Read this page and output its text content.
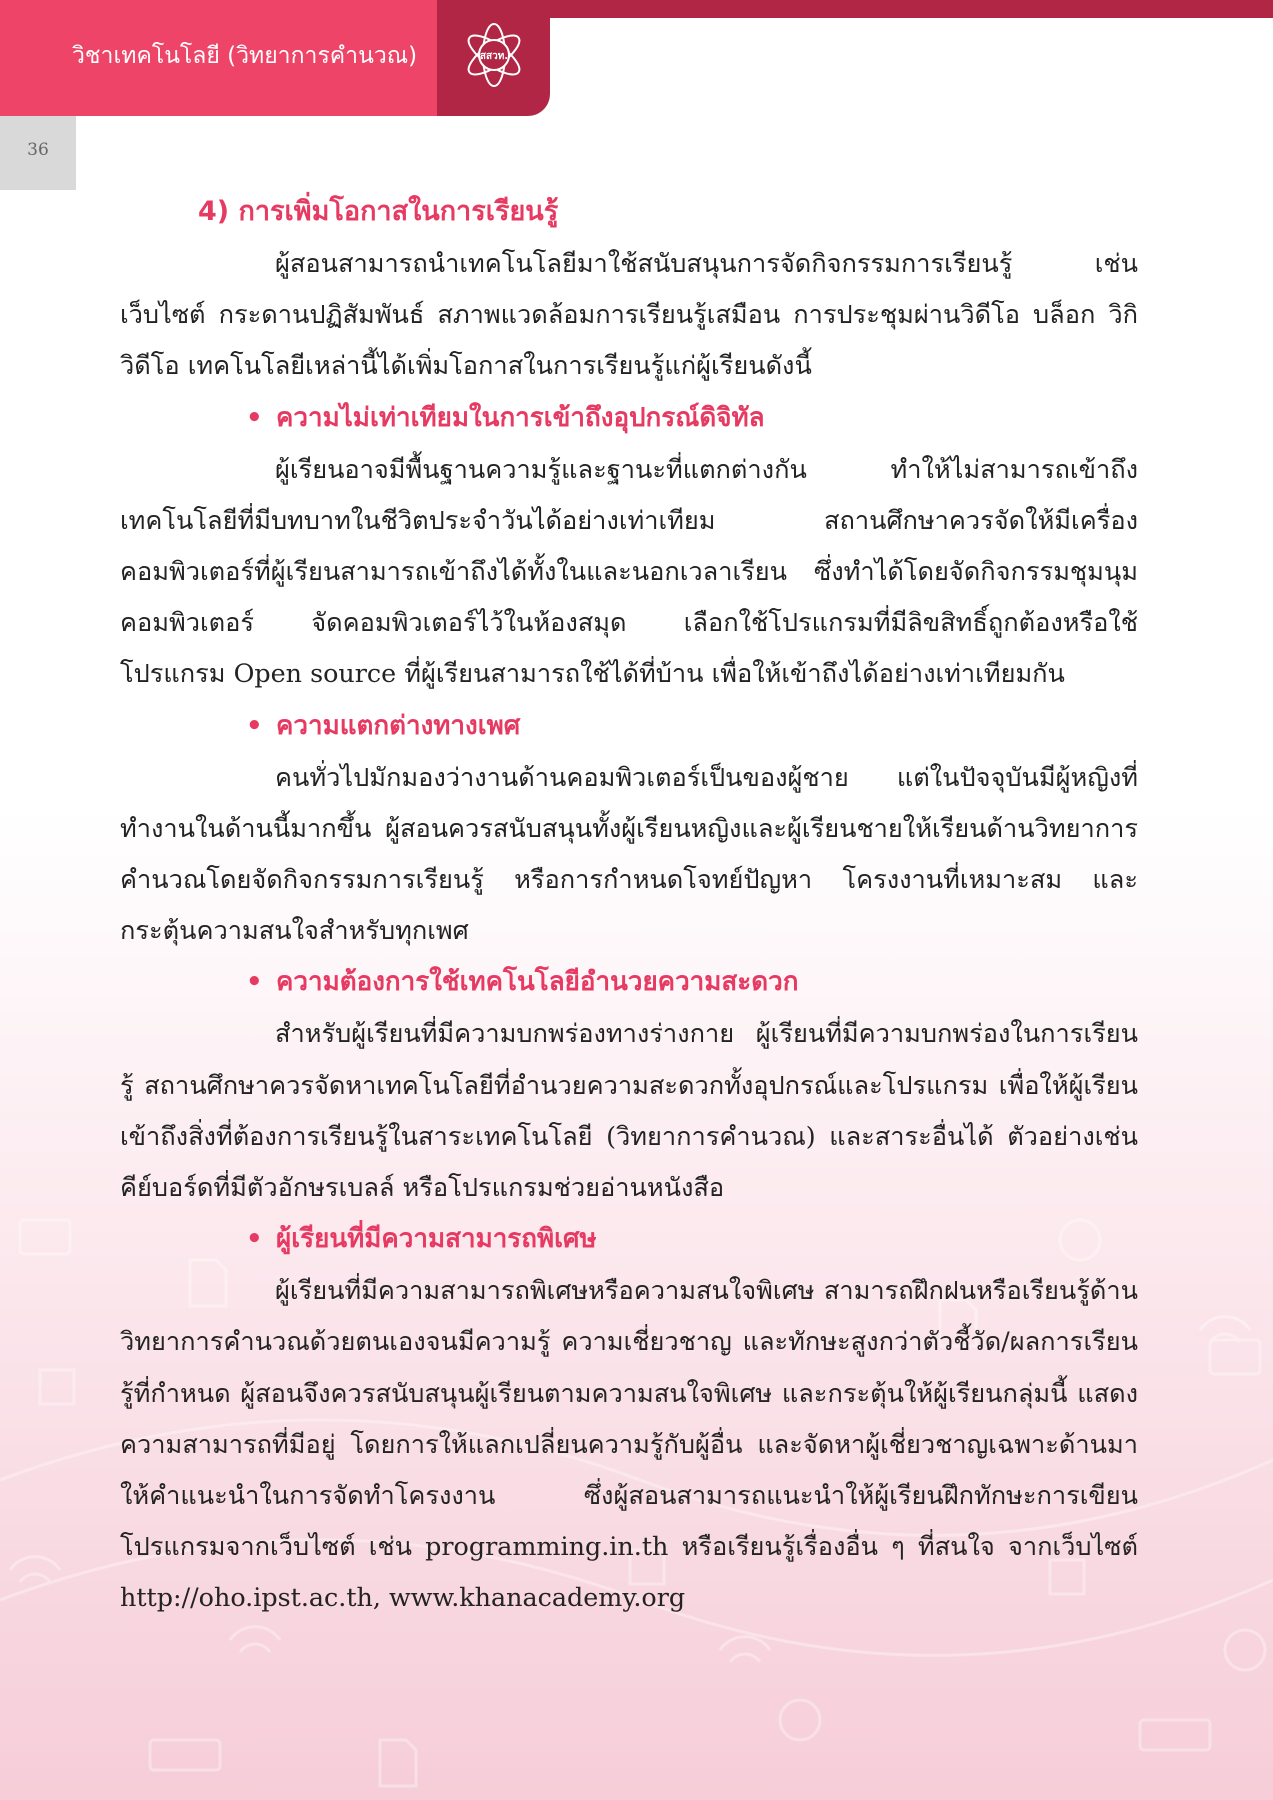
วิชาเทคโนโลยี (วิทยาการคำนวณ)	สสวท.
36
4) การเพิ่มโอกาสในการเรียนรู้

ผู้สอนสามารถนำเทคโนโลยีมาใช้สนับสนุนการจัดกิจกรรมการเรียนรู้ เช่น เว็บไซต์ กระดานปฏิสัมพันธ์ สภาพแวดล้อมการเรียนรู้เสมือน การประชุมผ่านวิดีโอ บล็อก วิกิ วิดีโอ เทคโนโลยีเหล่านี้ได้เพิ่มโอกาสในการเรียนรู้แก่ผู้เรียนดังนี้

• ความไม่เท่าเทียมในการเข้าถึงอุปกรณ์ดิจิทัล

ผู้เรียนอาจมีพื้นฐานความรู้และฐานะที่แตกต่างกัน ทำให้ไม่สามารถเข้าถึงเทคโนโลยีที่มีบทบาทในชีวิตประจำวันได้อย่างเท่าเทียม สถานศึกษาควรจัดให้มีเครื่องคอมพิวเตอร์ที่ผู้เรียนสามารถเข้าถึงได้ทั้งในและนอกเวลาเรียน ซึ่งทำได้โดยจัดกิจกรรมชุมนุมคอมพิวเตอร์ จัดคอมพิวเตอร์ไว้ในห้องสมุด เลือกใช้โปรแกรมที่มีลิขสิทธิ์ถูกต้องหรือใช้โปรแกรม Open source ที่ผู้เรียนสามารถใช้ได้ที่บ้าน เพื่อให้เข้าถึงได้อย่างเท่าเทียมกัน

• ความแตกต่างทางเพศ

คนทั่วไปมักมองว่างานด้านคอมพิวเตอร์เป็นของผู้ชาย แต่ในปัจจุบันมีผู้หญิงที่ทำงานในด้านนี้มากขึ้น ผู้สอนควรสนับสนุนทั้งผู้เรียนหญิงและผู้เรียนชายให้เรียนด้านวิทยาการคำนวณโดยจัดกิจกรรมการเรียนรู้ หรือการกำหนดโจทย์ปัญหา โครงงานที่เหมาะสม และกระตุ้นความสนใจสำหรับทุกเพศ

• ความต้องการใช้เทคโนโลยีอำนวยความสะดวก

สำหรับผู้เรียนที่มีความบกพร่องทางร่างกาย ผู้เรียนที่มีความบกพร่องในการเรียนรู้ สถานศึกษาควรจัดหาเทคโนโลยีที่อำนวยความสะดวกทั้งอุปกรณ์และโปรแกรม เพื่อให้ผู้เรียนเข้าถึงสิ่งที่ต้องการเรียนรู้ในสาระเทคโนโลยี (วิทยาการคำนวณ) และสาระอื่นได้ ตัวอย่างเช่น คีย์บอร์ดที่มีตัวอักษรเบลล์ หรือโปรแกรมช่วยอ่านหนังสือ

• ผู้เรียนที่มีความสามารถพิเศษ

ผู้เรียนที่มีความสามารถพิเศษหรือความสนใจพิเศษ สามารถฝึกฝนหรือเรียนรู้ด้านวิทยาการคำนวณด้วยตนเองจนมีความรู้ ความเชี่ยวชาญ และทักษะสูงกว่าตัวชี้วัด/ผลการเรียนรู้ที่กำหนด ผู้สอนจึงควรสนับสนุนผู้เรียนตามความสนใจพิเศษ และกระตุ้นให้ผู้เรียนกลุ่มนี้ แสดงความสามารถที่มีอยู่ โดยการให้แลกเปลี่ยนความรู้กับผู้อื่น และจัดหาผู้เชี่ยวชาญเฉพาะด้านมาให้คำแนะนำในการจัดทำโครงงาน ซึ่งผู้สอนสามารถแนะนำให้ผู้เรียนฝึกทักษะการเขียนโปรแกรมจากเว็บไซต์ เช่น programming.in.th หรือเรียนรู้เรื่องอื่น ๆ ที่สนใจ จากเว็บไซต์ http://oho.ipst.ac.th, www.khanacademy.org
